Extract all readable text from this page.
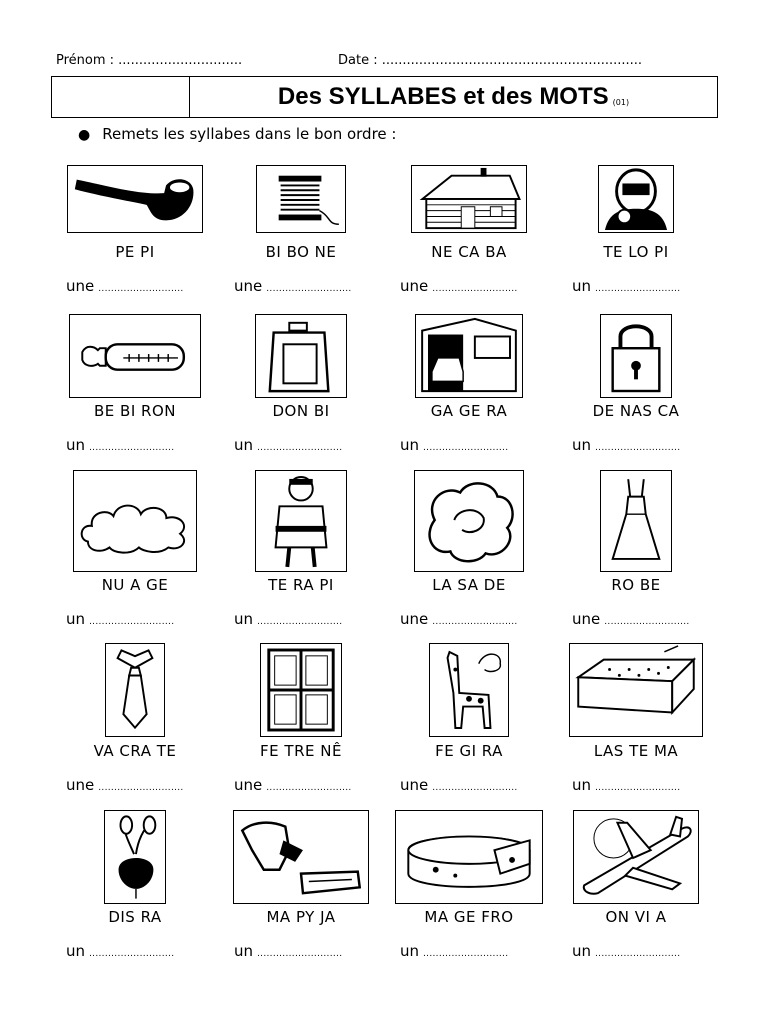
Prénom : ..............................	Date : ...............................................................
Des SYLLABES et des MOTS (01)
● Remets les syllabes dans le bon ordre :
PE PI
une ...........................
BI BO NE
une ...........................
NE CA BA
une ...........................
TE LO PI
un ...........................
BE BI RON
un ...........................
DON BI
un ...........................
GA GE RA
un ...........................
DE NAS CA
un ...........................
NU A GE
un ...........................
TE RA PI
un ...........................
LA SA DE
une ...........................
RO BE
une ...........................
VA CRA TE
une ...........................
FE TRE NÊ
une ...........................
FE GI RA
une ...........................
LAS TE MA
un ...........................
DIS RA
un ...........................
MA PY JA
un ...........................
MA GE FRO
un ...........................
ON VI A
un ...........................
